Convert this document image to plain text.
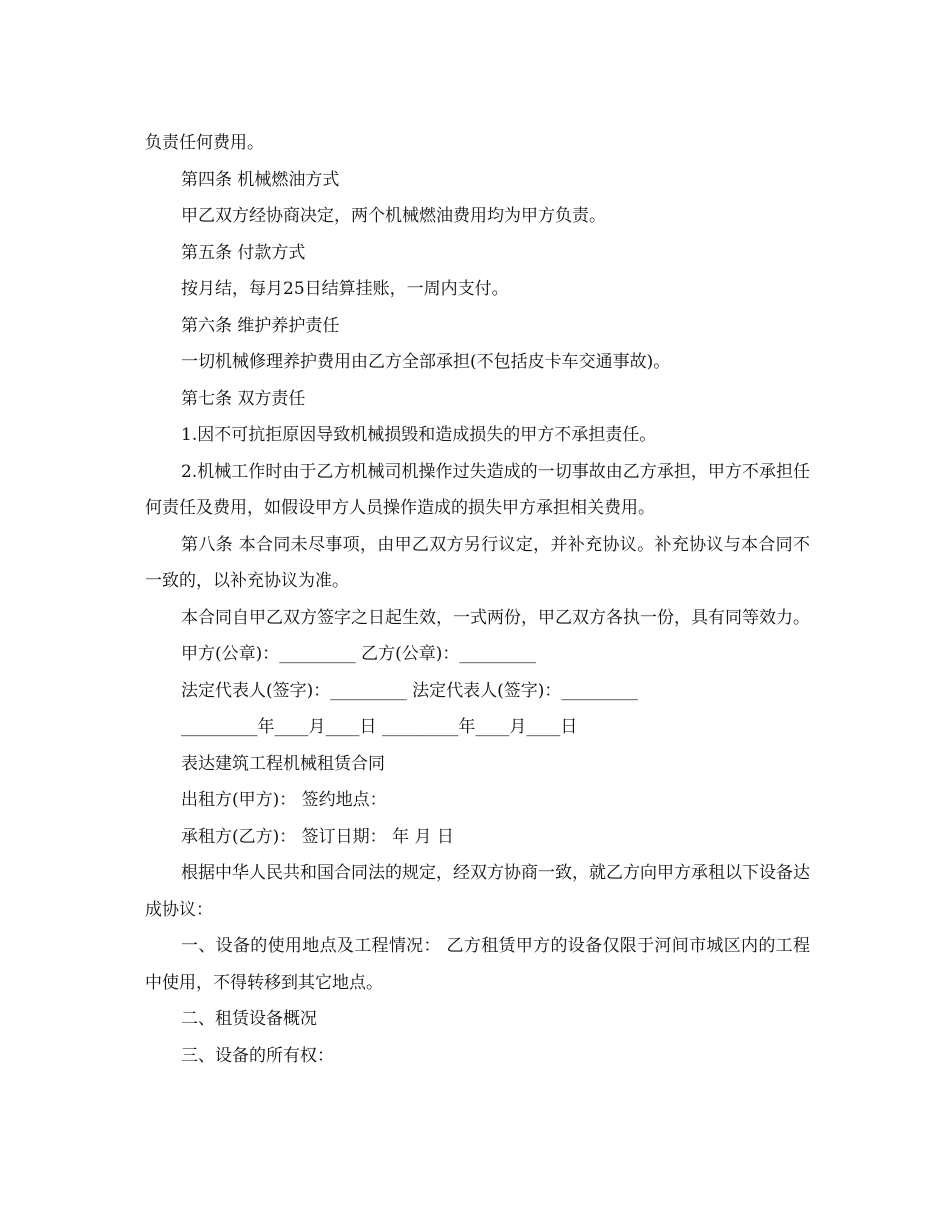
负责任何费用。

第四条 机械燃油方式

甲乙双方经协商决定，两个机械燃油费用均为甲方负责。

第五条 付款方式

按月结，每月25日结算挂账，一周内支付。

第六条 维护养护责任

一切机械修理养护费用由乙方全部承担(不包括皮卡车交通事故)。

第七条 双方责任

1.因不可抗拒原因导致机械损毁和造成损失的甲方不承担责任。

2.机械工作时由于乙方机械司机操作过失造成的一切事故由乙方承担，甲方不承担任何责任及费用，如假设甲方人员操作造成的损失甲方承担相关费用。

第八条 本合同未尽事项，由甲乙双方另行议定，并补充协议。补充协议与本合同不一致的，以补充协议为准。

本合同自甲乙双方签字之日起生效，一式两份，甲乙双方各执一份，具有同等效力。

甲方(公章)：_________ 乙方(公章)：_________

法定代表人(签字)：_________ 法定代表人(签字)：_________

_________年____月____日 _________年____月____日

表达建筑工程机械租赁合同

出租方(甲方)： 签约地点：

承租方(乙方)： 签订日期： 年 月 日

根据中华人民共和国合同法的规定，经双方协商一致，就乙方向甲方承租以下设备达成协议：

一、设备的使用地点及工程情况： 乙方租赁甲方的设备仅限于河间市城区内的工程中使用，不得转移到其它地点。

二、租赁设备概况

三、设备的所有权：
